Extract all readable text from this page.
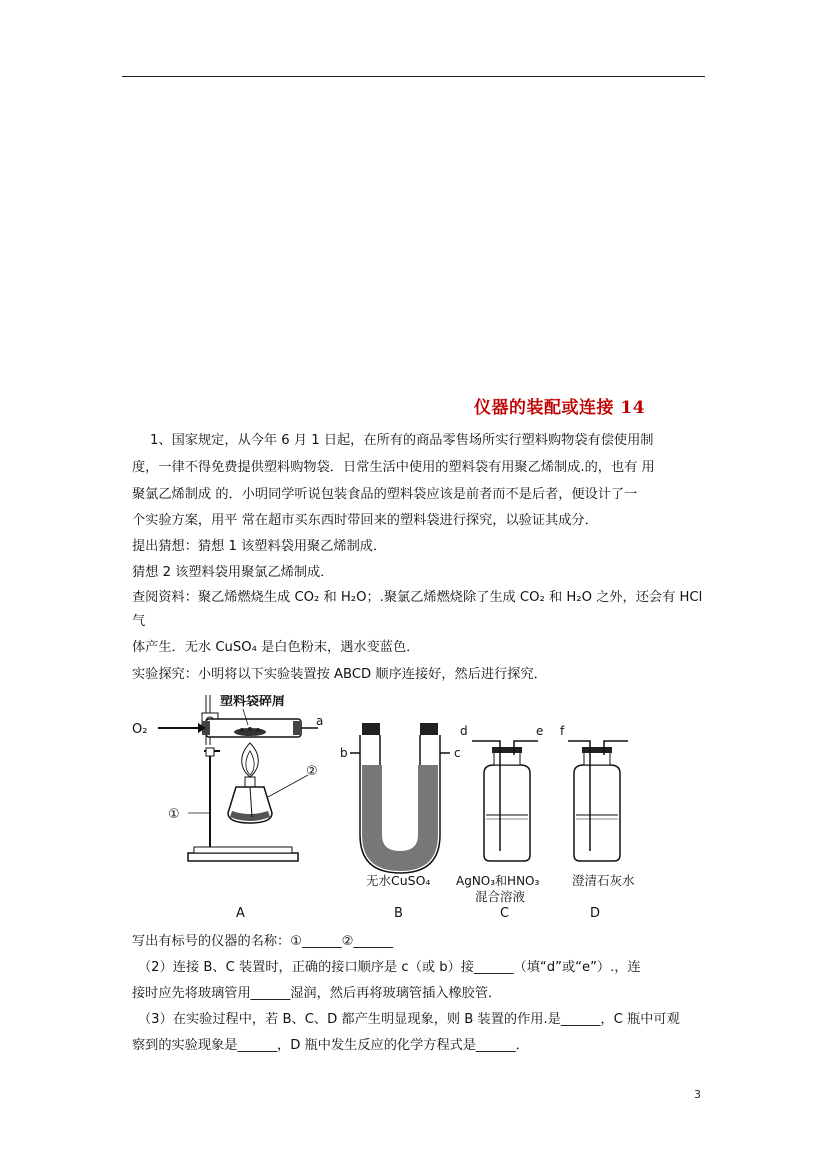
仪器的装配或连接 14
1、国家规定，从今年 6 月 1 日起，在所有的商品零售场所实行塑料购物袋有偿使用制
度，一律不得免费提供塑料购物袋．日常生活中使用的塑料袋有用聚乙烯制成.的，也有 用
聚氯乙烯制成 的．小明同学听说包装食品的塑料袋应该是前者而不是后者，便设计了一
个实验方案，用平 常在超市买东西时带回来的塑料袋进行探究，以验证其成分．
提出猜想：猜想 1 该塑料袋用聚乙烯制成．
猜想 2 该塑料袋用聚氯乙烯制成．
查阅资料：聚乙烯燃烧生成 CO₂ 和 H₂O；.聚氯乙烯燃烧除了生成 CO₂ 和 H₂O 之外，还会有 HCl
气
体产生．无水 CuSO₄ 是白色粉末，遇水变蓝色．
实验探究：小明将以下实验装置按 ABCD 顺序连接好，然后进行探究．
塑料袋碎屑
O₂
①
②
a
A
b	c
无水CuSO₄
B
d	e
AgNO₃和HNO₃
混合溶液
C
f
澄清石灰水
D
写出有标号的仪器的名称：①______②______
（2）连接 B、C 装置时，正确的接口顺序是 c（或 b）接______（填“d”或“e”）.，连
接时应先将玻璃管用______湿润，然后再将玻璃管插入橡胶管．
（3）在实验过程中，若 B、C、D 都产生明显现象，则 B 装置的作用.是______，C 瓶中可观
察到的实验现象是______，D 瓶中发生反应的化学方程式是______．
3
